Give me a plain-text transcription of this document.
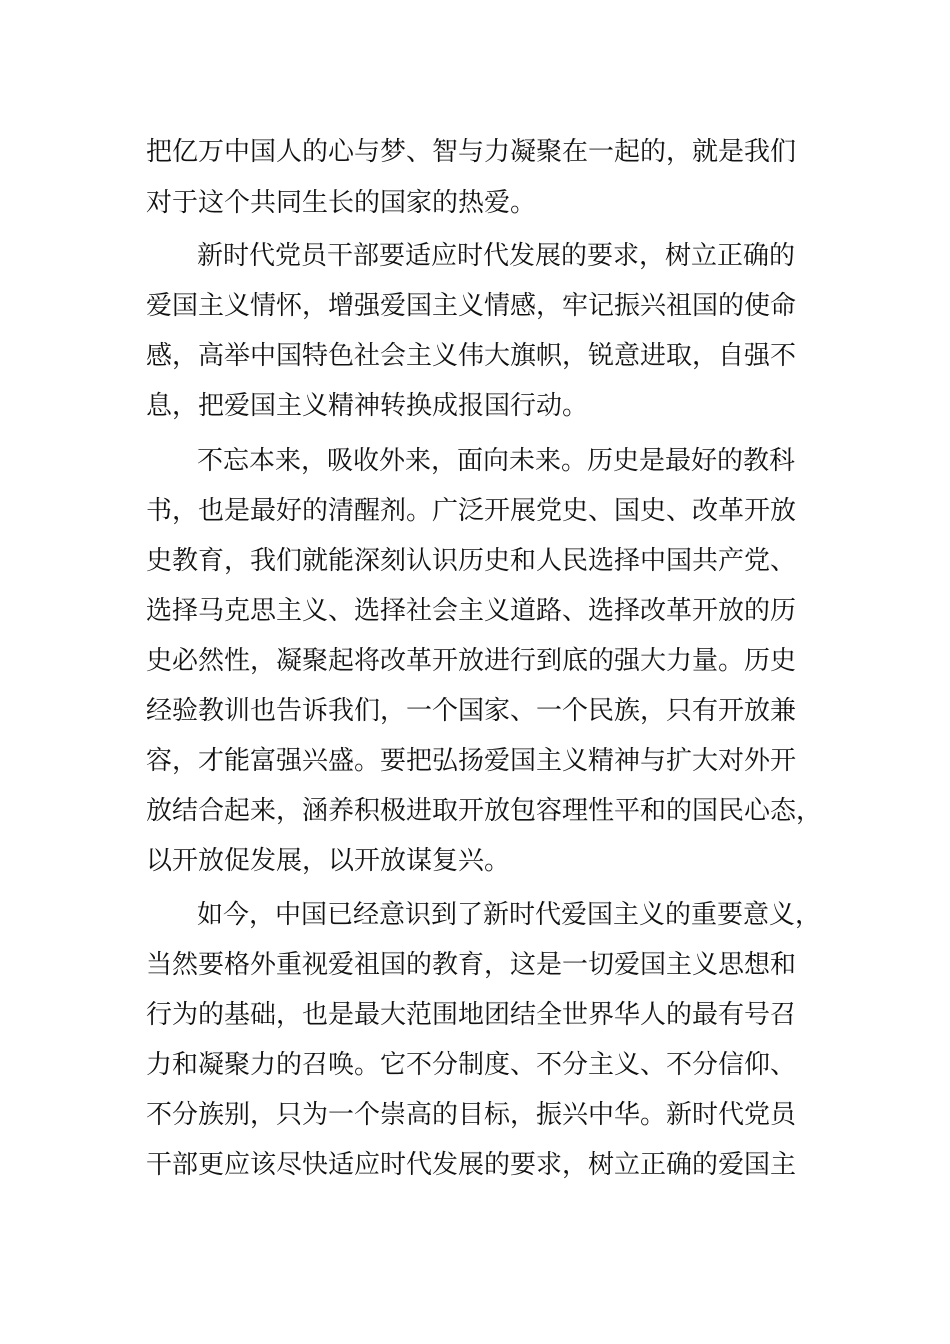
把亿万中国人的心与梦、智与力凝聚在一起的，就是我们
对于这个共同生长的国家的热爱。
新时代党员干部要适应时代发展的要求，树立正确的
爱国主义情怀，增强爱国主义情感，牢记振兴祖国的使命
感，高举中国特色社会主义伟大旗帜，锐意进取，自强不
息，把爱国主义精神转换成报国行动。
不忘本来，吸收外来，面向未来。历史是最好的教科
书，也是最好的清醒剂。广泛开展党史、国史、改革开放
史教育，我们就能深刻认识历史和人民选择中国共产党、
选择马克思主义、选择社会主义道路、选择改革开放的历
史必然性，凝聚起将改革开放进行到底的强大力量。历史
经验教训也告诉我们，一个国家、一个民族，只有开放兼
容，才能富强兴盛。要把弘扬爱国主义精神与扩大对外开
放结合起来，涵养积极进取开放包容理性平和的国民心态，
以开放促发展，以开放谋复兴。
如今，中国已经意识到了新时代爱国主义的重要意义，
当然要格外重视爱祖国的教育，这是一切爱国主义思想和
行为的基础，也是最大范围地团结全世界华人的最有号召
力和凝聚力的召唤。它不分制度、不分主义、不分信仰、
不分族别，只为一个崇高的目标，振兴中华。新时代党员
干部更应该尽快适应时代发展的要求，树立正确的爱国主
